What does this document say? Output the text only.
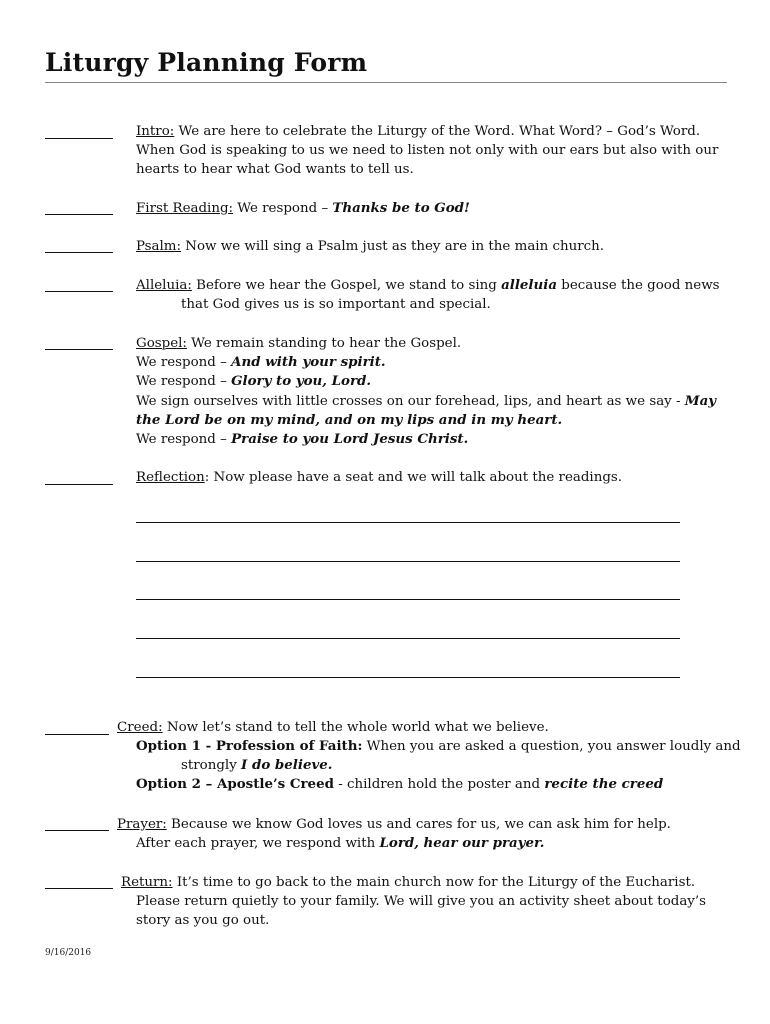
Liturgy Planning Form
Intro: We are here to celebrate the Liturgy of the Word. What Word? – God’s Word.
When God is speaking to us we need to listen not only with our ears but also with our
hearts to hear what God wants to tell us.
First Reading: We respond – Thanks be to God!
Psalm: Now we will sing a Psalm just as they are in the main church.
Alleluia: Before we hear the Gospel, we stand to sing alleluia because the good news
that God gives us is so important and special.
Gospel: We remain standing to hear the Gospel.
We respond – And with your spirit.
We respond – Glory to you, Lord.
We sign ourselves with little crosses on our forehead, lips, and heart as we say - May
the Lord be on my mind, and on my lips and in my heart.
We respond – Praise to you Lord Jesus Christ.
Reflection: Now please have a seat and we will talk about the readings.
Creed: Now let’s stand to tell the whole world what we believe.
Option 1 - Profession of Faith: When you are asked a question, you answer loudly and
strongly I do believe.
Option 2 – Apostle’s Creed - children hold the poster and recite the creed
Prayer: Because we know God loves us and cares for us, we can ask him for help.
After each prayer, we respond with Lord, hear our prayer.
Return: It’s time to go back to the main church now for the Liturgy of the Eucharist.
Please return quietly to your family. We will give you an activity sheet about today’s
story as you go out.
9/16/2016
